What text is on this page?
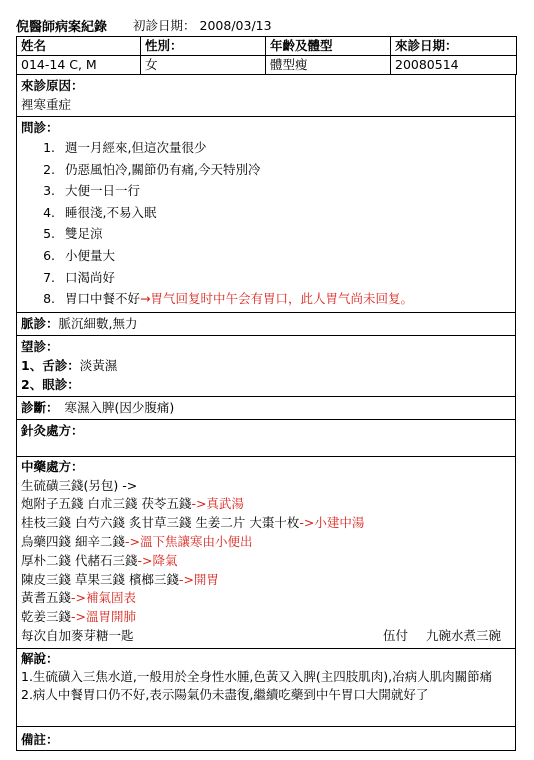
倪醫師病案紀錄 初診日期： 2008/03/13
姓名	性別：	年齡及體型	來診日期：
014-14 C, M	女	體型瘦	20080514
來診原因：
裡寒重症
問診：
1. 週一月經來,但這次量很少
2. 仍惡風怕冷,關節仍有痛,今天特別冷
3. 大便一日一行
4. 睡很淺,不易入眠
5. 雙足涼
6. 小便量大
7. 口渴尚好
8. 胃口中餐不好 →胃气回复时中午会有胃口，此人胃气尚未回复。
脈診：脈沉細數,無力
望診：
1、舌診：淡黃濕
2、眼診：
診斷： 寒濕入脾(因少腹痛)
針灸處方：
中藥處方：
生硫磺三錢(另包) ->
炮附子五錢 白朮三錢 茯苓五錢->真武湯
桂枝三錢 白芍六錢 炙甘草三錢 生姜二片 大棗十枚->小建中湯
烏藥四錢 細辛二錢->溫下焦讓寒由小便出
厚朴二錢 代赭石三錢->降氣
陳皮三錢 草果三錢 檳榔三錢->開胃
黃耆五錢->補氣固表
乾姜三錢->溫胃開肺
每次自加麥芽糖一匙	伍付 九碗水煮三碗
解說：
1.生硫磺入三焦水道,一般用於全身性水腫,色黃又入脾(主四肢肌肉),冶病人肌肉關節痛
2.病人中餐胃口仍不好,表示陽氣仍未盡復,繼續吃藥到中午胃口大開就好了
備註：
